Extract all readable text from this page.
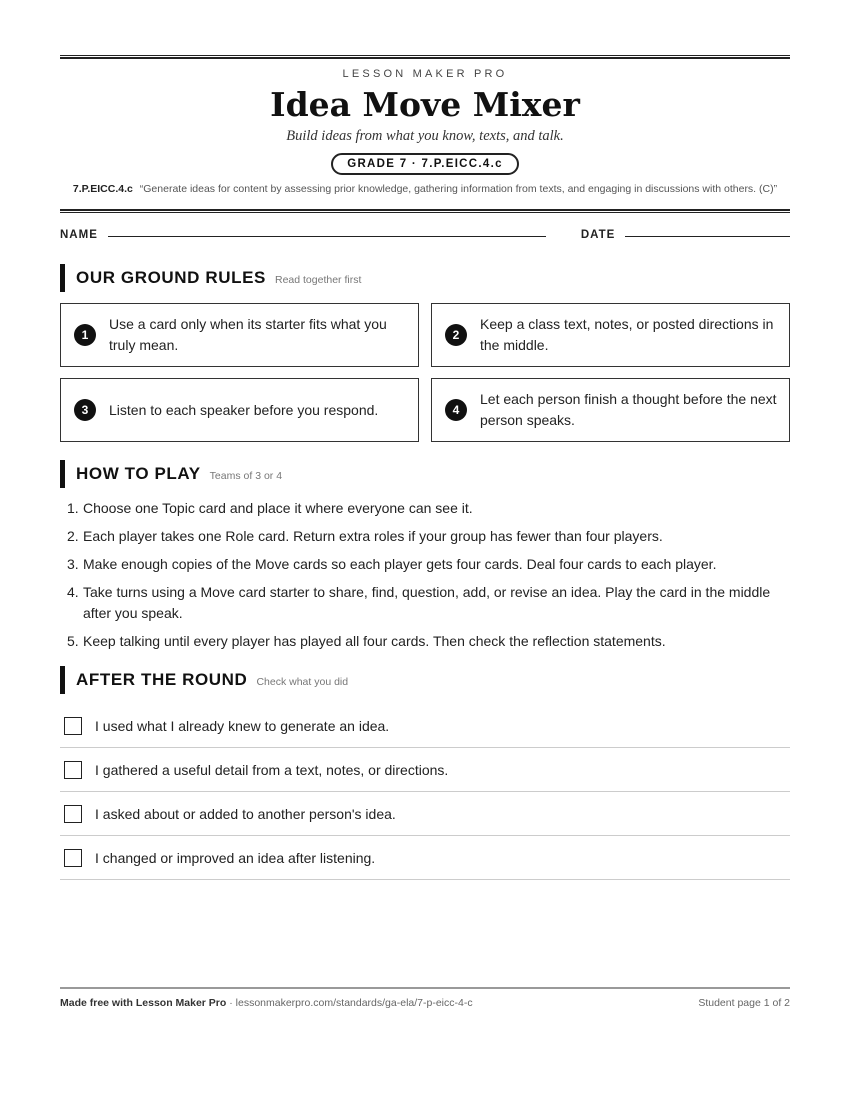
LESSON MAKER PRO
Idea Move Mixer
Build ideas from what you know, texts, and talk.
GRADE 7 · 7.P.EICC.4.c
7.P.EICC.4.c “Generate ideas for content by assessing prior knowledge, gathering information from texts, and engaging in discussions with others. (C)”
NAME	DATE
OUR GROUND RULES Read together first
1
Use a card only when its starter fits what you truly mean.
2
Keep a class text, notes, or posted directions in the middle.
3	Listen to each speaker before you respond.	4
Let each person finish a thought before the next person speaks.
HOW TO PLAY Teams of 3 or 4
1. Choose one Topic card and place it where everyone can see it.
2. Each player takes one Role card. Return extra roles if your group has fewer than four players.
3. Make enough copies of the Move cards so each player gets four cards. Deal four cards to each player.
4. Take turns using a Move card starter to share, find, question, add, or revise an idea. Play the card in the middle after you speak.
5. Keep talking until every player has played all four cards. Then check the reflection statements.
AFTER THE ROUND Check what you did
I used what I already knew to generate an idea.
I gathered a useful detail from a text, notes, or directions.
I asked about or added to another person's idea.
I changed or improved an idea after listening.
Made free with Lesson Maker Pro · lessonmakerpro.com/standards/ga-ela/7-p-eicc-4-c	Student page 1 of 2
